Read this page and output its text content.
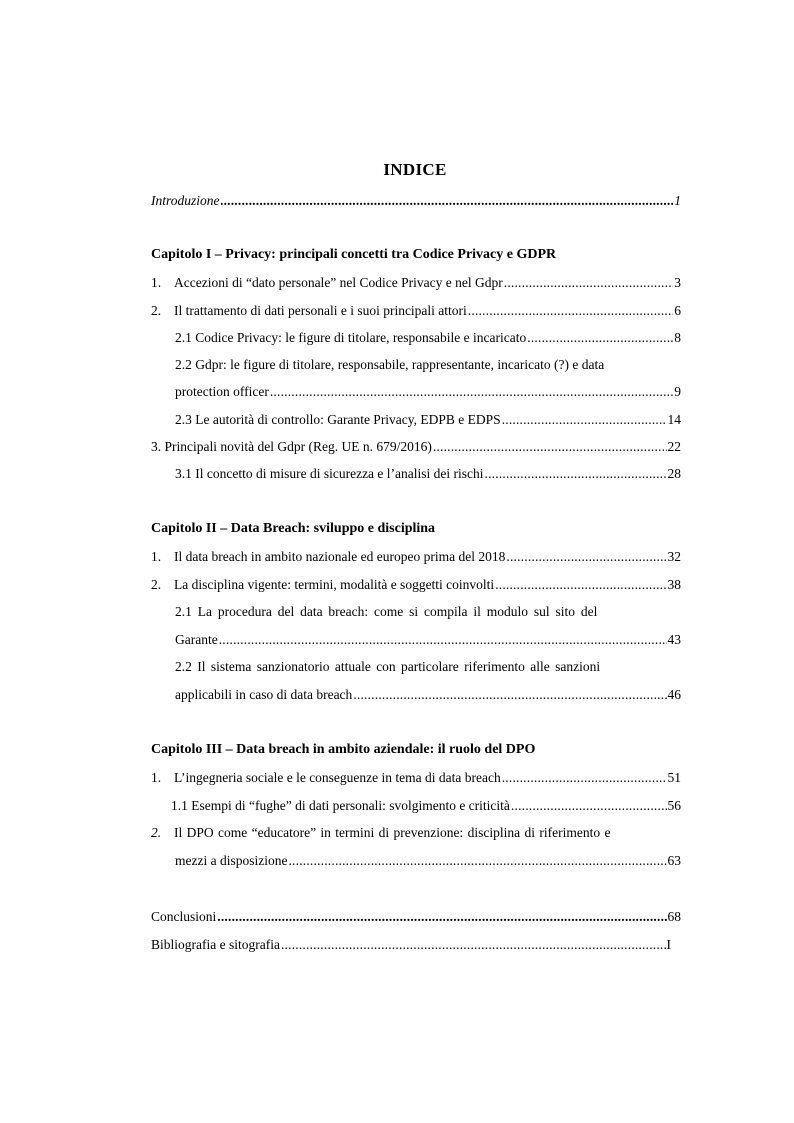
INDICE
Introduzione .....	1
Capitolo I – Privacy: principali concetti tra Codice Privacy e GDPR
1. Accezioni di “dato personale” nel Codice Privacy e nel Gdpr .....	3
2. Il trattamento di dati personali e i suoi principali attori .....	6
2.1 Codice Privacy: le figure di titolare, responsabile e incaricato .....	8
2.2 Gdpr: le figure di titolare, responsabile, rappresentante, incaricato (?) e data
protection officer .....	9
2.3 Le autorità di controllo: Garante Privacy, EDPB e EDPS .....	14
3. Principali novità del Gdpr (Reg. UE n. 679/2016) .....	22
3.1 Il concetto di misure di sicurezza e l’analisi dei rischi .....	28
Capitolo II – Data Breach: sviluppo e disciplina
1. Il data breach in ambito nazionale ed europeo prima del 2018 .....	32
2. La disciplina vigente: termini, modalità e soggetti coinvolti .....	38
2.1 La procedura del data breach: come si compila il modulo sul sito del
Garante .....	43
2.2 Il sistema sanzionatorio attuale con particolare riferimento alle sanzioni
applicabili in caso di data breach .....	46
Capitolo III – Data breach in ambito aziendale: il ruolo del DPO
1. L’ingegneria sociale e le conseguenze in tema di data breach .....	51
1.1 Esempi di “fughe” di dati personali: svolgimento e criticità .....	56
2. Il DPO come “educatore” in termini di prevenzione: disciplina di riferimento e
mezzi a disposizione .....	63
Conclusioni .....	68
Bibliografia e sitografia .....	I
